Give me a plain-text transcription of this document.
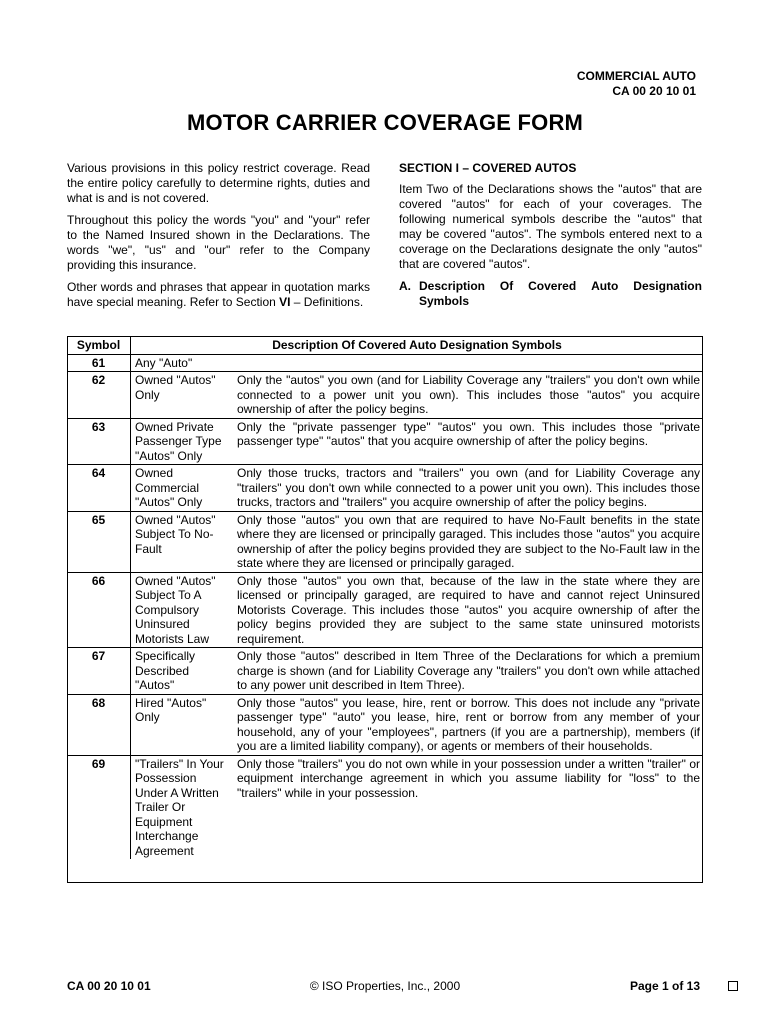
COMMERCIAL AUTO
CA 00 20 10 01
MOTOR CARRIER COVERAGE FORM

Various provisions in this policy restrict coverage. Read the entire policy carefully to determine rights, duties and what is and is not covered.

Throughout this policy the words "you" and "your" refer to the Named Insured shown in the Declarations. The words "we", "us" and "our" refer to the Company providing this insurance.

Other words and phrases that appear in quotation marks have special meaning. Refer to Section VI – Definitions.

SECTION I – COVERED AUTOS

Item Two of the Declarations shows the "autos" that are covered "autos" for each of your coverages. The following numerical symbols describe the "autos" that may be covered "autos". The symbols entered next to a coverage on the Declarations designate the only "autos" that are covered "autos".

A. Description Of Covered Auto Designation
Symbols
Symbol	Description Of Covered Auto Designation Symbols	
61	Any "Auto"	
62	Owned "Autos" Only	Only the "autos" you own (and for Liability Coverage any "trailers" you don't own while connected to a power unit you own). This includes those "autos" you acquire ownership of after the policy begins.
63	Owned Private Passenger Type "Autos" Only	Only the "private passenger type" "autos" you own. This includes those "private passenger type" "autos" that you acquire ownership of after the policy begins.
64	Owned Commercial "Autos" Only	Only those trucks, tractors and "trailers" you own (and for Liability Coverage any "trailers" you don't own while connected to a power unit you own). This includes those trucks, tractors and "trailers" you acquire ownership of after the policy begins.
65	Owned "Autos" Subject To No-Fault	Only those "autos" you own that are required to have No-Fault benefits in the state where they are licensed or principally garaged. This includes those "autos" you acquire ownership of after the policy begins provided they are subject to the No-Fault law in the state where they are licensed or principally garaged.
66	Owned "Autos" Subject To A Compulsory Uninsured Motorists Law	Only those "autos" you own that, because of the law in the state where they are licensed or principally garaged, are required to have and cannot reject Uninsured Motorists Coverage. This includes those "autos" you acquire ownership of after the policy begins provided they are subject to the same state uninsured motorists requirement.
67	Specifically Described "Autos"	Only those "autos" described in Item Three of the Declarations for which a premium charge is shown (and for Liability Coverage any "trailers" you don't own while attached to any power unit described in Item Three).
68	Hired "Autos" Only	Only those "autos" you lease, hire, rent or borrow. This does not include any "private passenger type" "auto" you lease, hire, rent or borrow from any member of your household, any of your "employees", partners (if you are a partnership), members (if you are a limited liability company), or agents or members of their households.
69	"Trailers" In Your Possession Under A Written Trailer Or Equipment Interchange Agreement	Only those "trailers" you do not own while in your possession under a written "trailer" or equipment interchange agreement in which you assume liability for "loss" to the "trailers" while in your possession.
CA 00 20 10 01	© ISO Properties, Inc., 2000	Page 1 of 13
